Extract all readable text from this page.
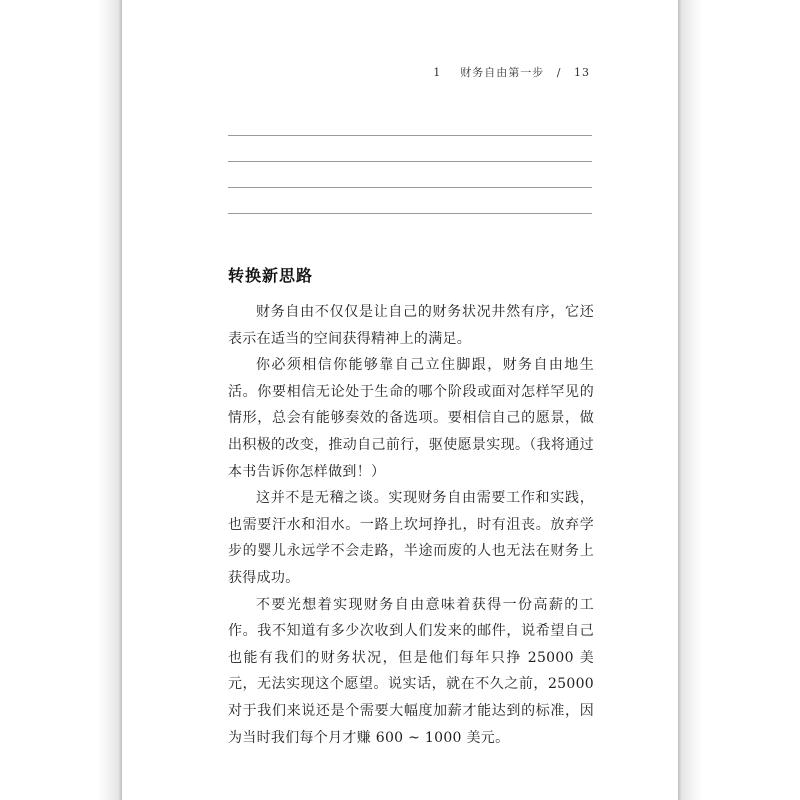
1 财务自由第一步 / 13
转换新思路

财务自由不仅仅是让自己的财务状况井然有序，它还表示在适当的空间获得精神上的满足。

你必须相信你能够靠自己立住脚跟，财务自由地生活。你要相信无论处于生命的哪个阶段或面对怎样罕见的情形，总会有能够奏效的备选项。要相信自己的愿景，做出积极的改变，推动自己前行，驱使愿景实现。（我将通过本书告诉你怎样做到！）

这并不是无稽之谈。实现财务自由需要工作和实践，也需要汗水和泪水。一路上坎坷挣扎，时有沮丧。放弃学步的婴儿永远学不会走路，半途而废的人也无法在财务上获得成功。

不要光想着实现财务自由意味着获得一份高薪的工作。我不知道有多少次收到人们发来的邮件，说希望自己也能有我们的财务状况，但是他们每年只挣 25000 美元，无法实现这个愿望。说实话，就在不久之前，25000 对于我们来说还是个需要大幅度加薪才能达到的标准，因为当时我们每个月才赚 600 ~ 1000 美元。
